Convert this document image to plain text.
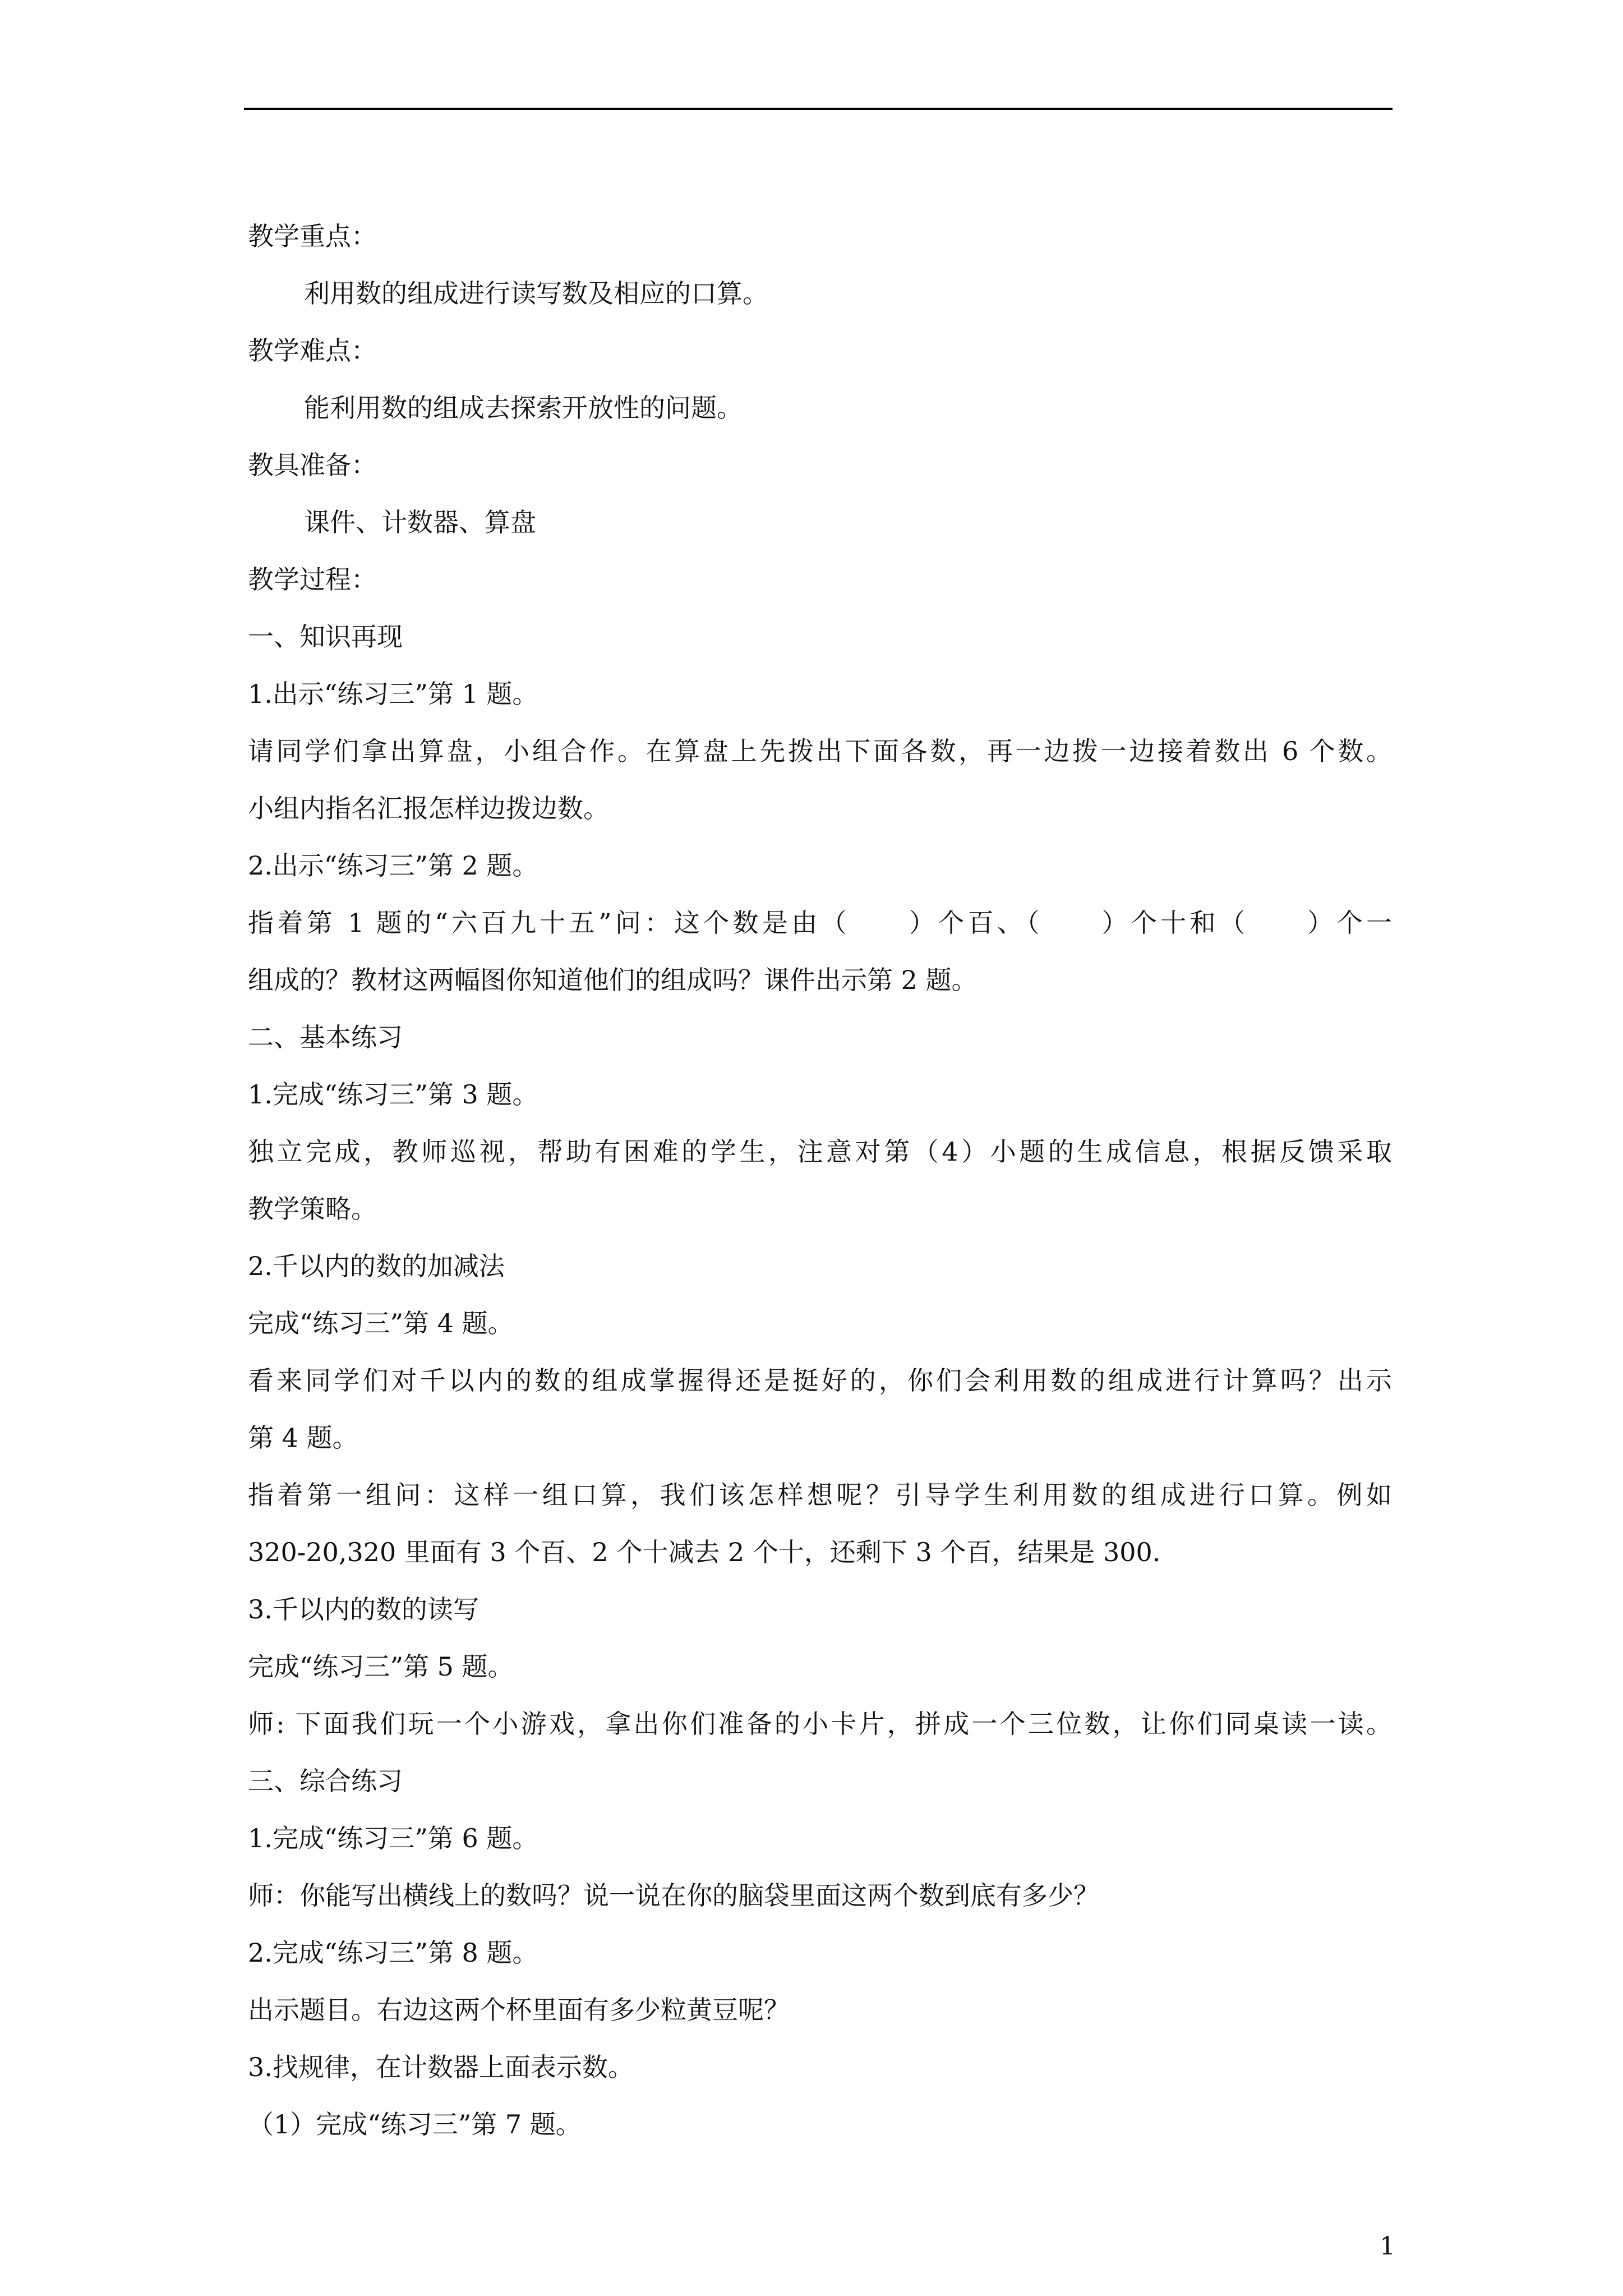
教学重点：
利用数的组成进行读写数及相应的口算。
教学难点：
能利用数的组成去探索开放性的问题。
教具准备：
课件、计数器、算盘
教学过程：
一、知识再现
1.出示“练习三”第 1 题。
请同学们拿出算盘，小组合作。在算盘上先拨出下面各数，再一边拨一边接着数出 6 个数。
小组内指名汇报怎样边拨边数。
2.出示“练习三”第 2 题。
指着第 1 题的“六百九十五”问：这个数是由（　　）个百、（　　）个十和（　　）个一
组成的？教材这两幅图你知道他们的组成吗？课件出示第 2 题。
二、基本练习
1.完成“练习三”第 3 题。
独立完成，教师巡视，帮助有困难的学生，注意对第（4）小题的生成信息，根据反馈采取
教学策略。
2.千以内的数的加减法
完成“练习三”第 4 题。
看来同学们对千以内的数的组成掌握得还是挺好的，你们会利用数的组成进行计算吗？出示
第 4 题。
指着第一组问：这样一组口算，我们该怎样想呢？引导学生利用数的组成进行口算。例如
320-20,320 里面有 3 个百、2 个十减去 2 个十，还剩下 3 个百，结果是 300.
3.千以内的数的读写
完成“练习三”第 5 题。
师: 下面我们玩一个小游戏，拿出你们准备的小卡片，拼成一个三位数，让你们同桌读一读。
三、综合练习
1.完成“练习三”第 6 题。
师：你能写出横线上的数吗？说一说在你的脑袋里面这两个数到底有多少？
2.完成“练习三”第 8 题。
出示题目。右边这两个杯里面有多少粒黄豆呢？
3.找规律，在计数器上面表示数。
（1）完成“练习三”第 7 题。
1
